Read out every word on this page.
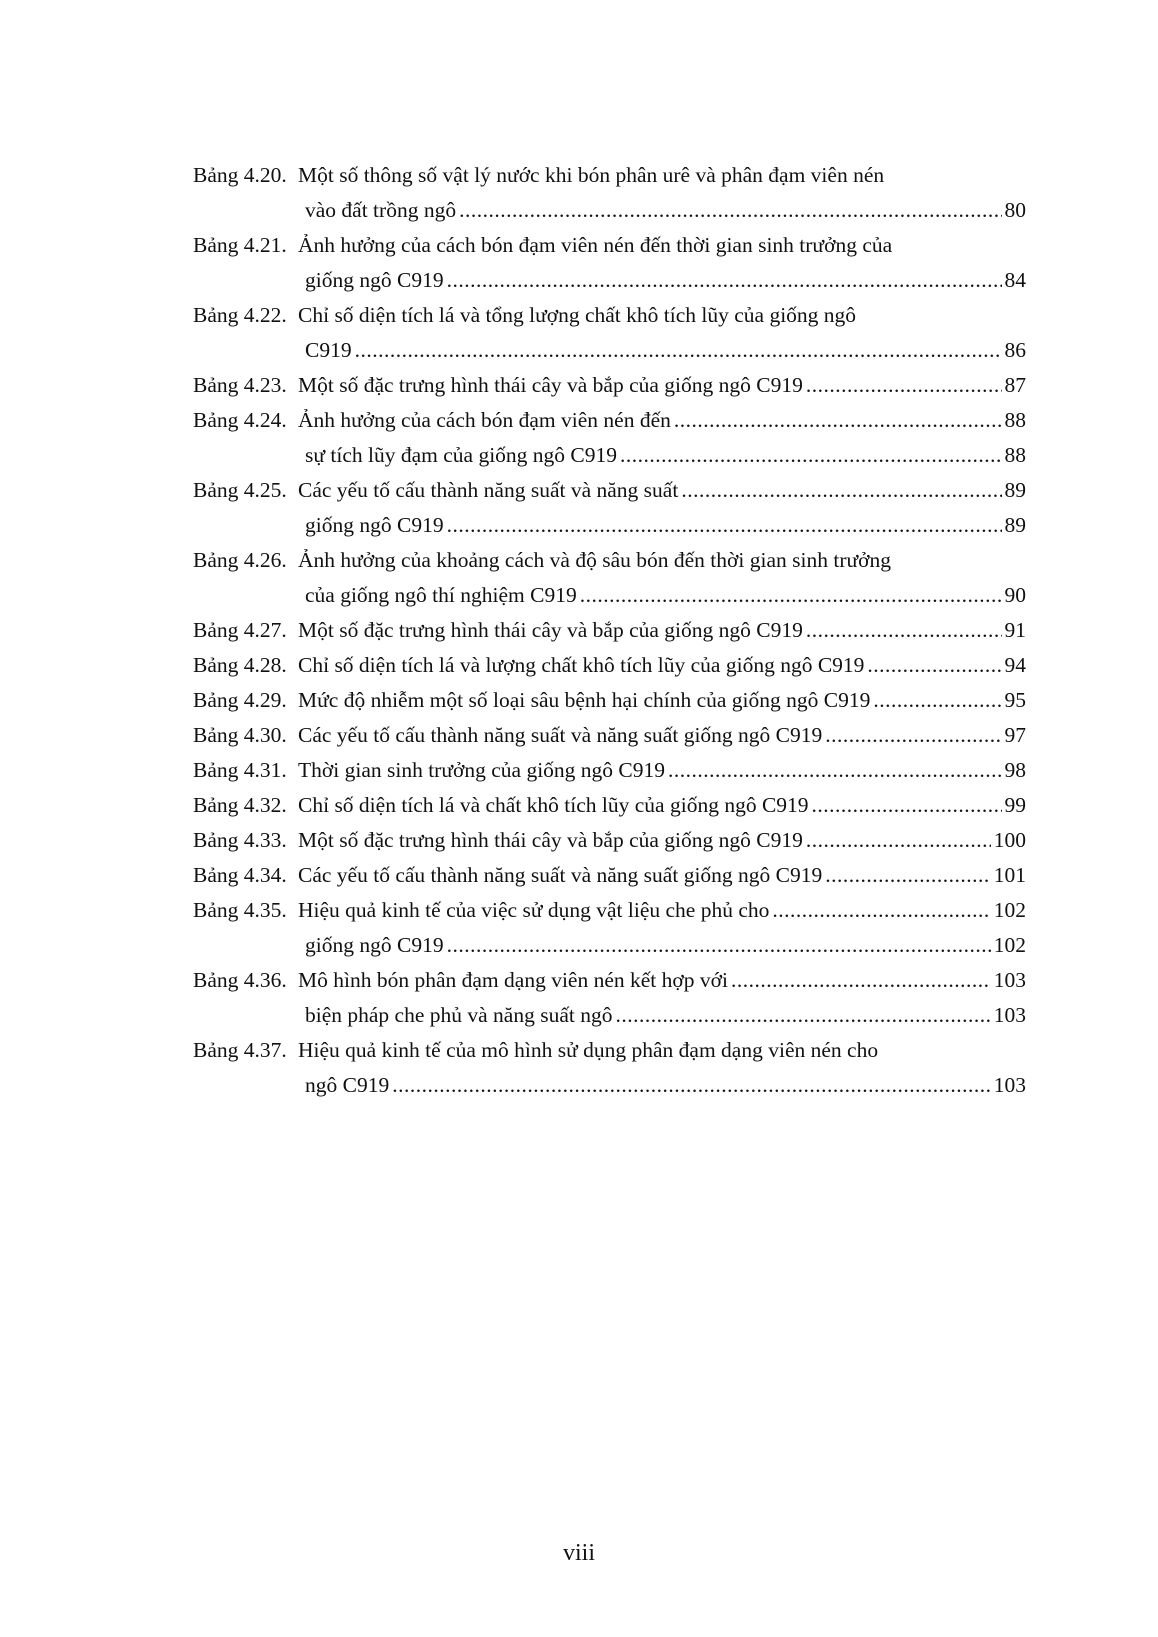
Bảng 4.20. Một số thông số vật lý nước khi bón phân urê và phân đạm viên nén
vào đất trồng ngô .....	80
Bảng 4.21. Ảnh hưởng của cách bón đạm viên nén đến thời gian sinh trưởng của
giống ngô C919 .....	84
Bảng 4.22. Chỉ số diện tích lá và tổng lượng chất khô tích lũy của giống ngô
C919 .....	86
Bảng 4.23. Một số đặc trưng hình thái cây và bắp của giống ngô C919 .....	87
Bảng 4.24. Ảnh hưởng của cách bón đạm viên nén đến .....	88
sự tích lũy đạm của giống ngô C919 .....	88
Bảng 4.25. Các yếu tố cấu thành năng suất và năng suất .....	89
giống ngô C919 .....	89
Bảng 4.26. Ảnh hưởng của khoảng cách và độ sâu bón đến thời gian sinh trưởng
của giống ngô thí nghiệm C919 .....	90
Bảng 4.27. Một số đặc trưng hình thái cây và bắp của giống ngô C919 .....	91
Bảng 4.28. Chỉ số diện tích lá và lượng chất khô tích lũy của giống ngô C919 .....	94
Bảng 4.29. Mức độ nhiễm một số loại sâu bệnh hại chính của giống ngô C919 .....	95
Bảng 4.30. Các yếu tố cấu thành năng suất và năng suất giống ngô C919 .....	97
Bảng 4.31. Thời gian sinh trưởng của giống ngô C919 .....	98
Bảng 4.32. Chỉ số diện tích lá và chất khô tích lũy của giống ngô C919 .....	99
Bảng 4.33. Một số đặc trưng hình thái cây và bắp của giống ngô C919 .....	100
Bảng 4.34. Các yếu tố cấu thành năng suất và năng suất giống ngô C919 .....	101
Bảng 4.35. Hiệu quả kinh tế của việc sử dụng vật liệu che phủ cho .....	102
giống ngô C919 .....	102
Bảng 4.36. Mô hình bón phân đạm dạng viên nén kết hợp với .....	103
biện pháp che phủ và năng suất ngô .....	103
Bảng 4.37. Hiệu quả kinh tế của mô hình sử dụng phân đạm dạng viên nén cho
ngô C919 .....	103
viii
